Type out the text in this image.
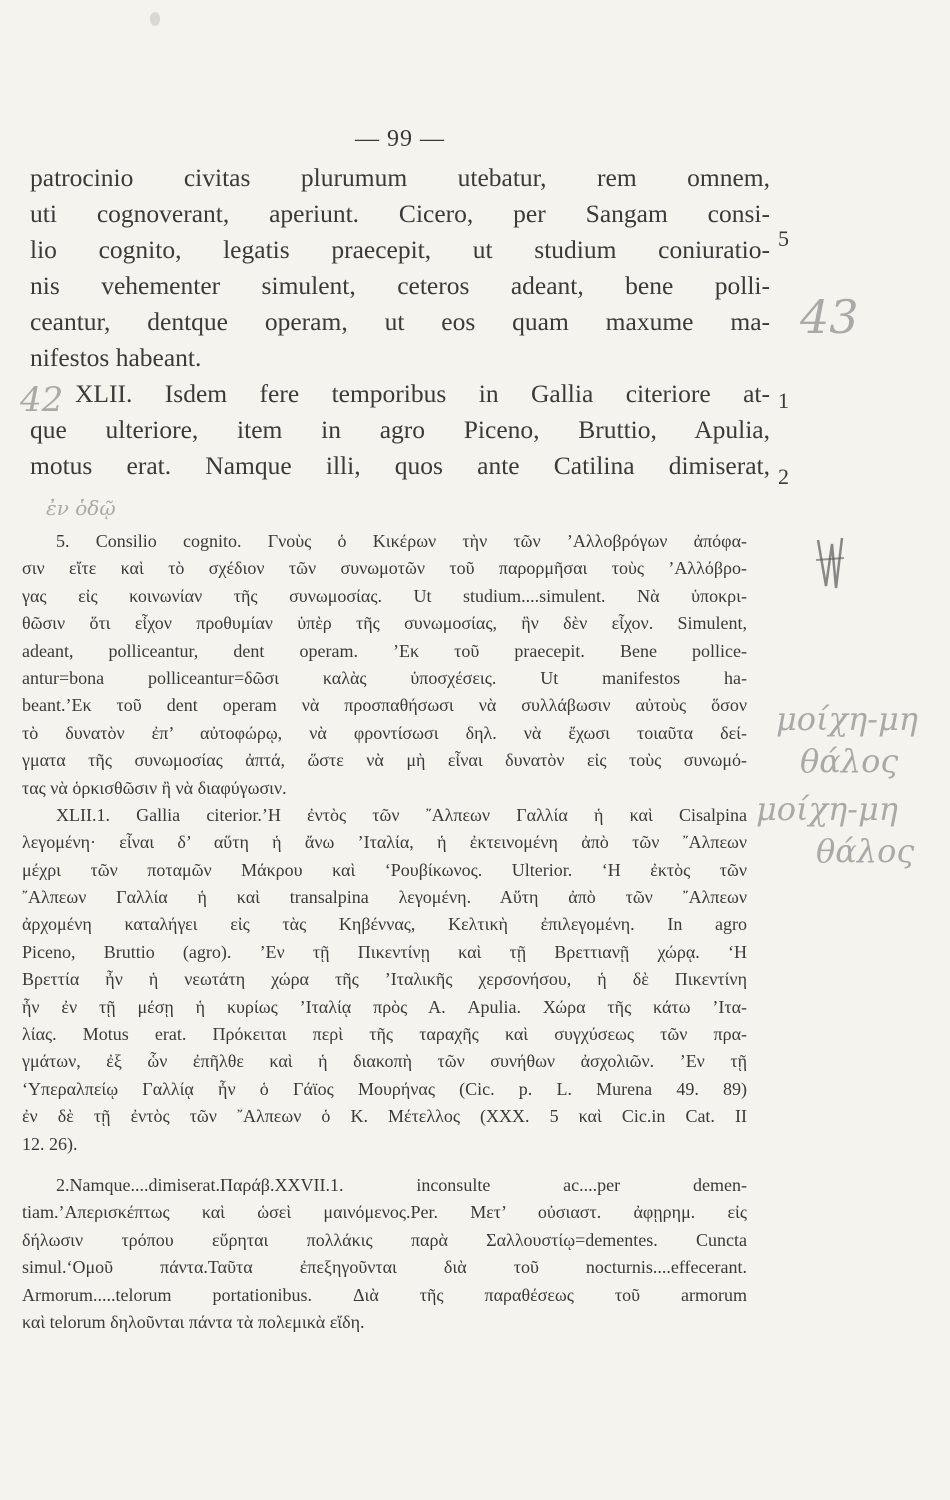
— 99 —
patrocinio civitas plurumum utebatur, rem omnem,
uti cognoverant, aperiunt. Cicero, per Sangam consi-
lio cognito, legatis praecepit, ut studium coniuratio-
nis vehementer simulent, ceteros adeant, bene polli-
ceantur, dentque operam, ut eos quam maxume ma-
nifestos habeant.
XLII. Isdem fere temporibus in Gallia citeriore at-
que ulteriore, item in agro Piceno, Bruttio, Apulia,
motus erat. Namque illi, quos ante Catilina dimiserat,
5
1
2
5. Consilio cognito. Γνοὺς ὁ Κικέρων τὴν τῶν ’Αλλοβρόγων ἀπόφα-
σιν εἴτε καὶ τὸ σχέδιον τῶν συνωμοτῶν τοῦ παρορμῆσαι τοὺς ’Αλλόβρο-
γας εἰς κοινωνίαν τῆς συνωμοσίας. Ut studium....simulent. Νὰ ὑποκρι-
θῶσιν ὅτι εἶχον προθυμίαν ὑπὲρ τῆς συνωμοσίας, ἣν δὲν εἶχον. Simulent,
adeant, polliceantur, dent operam. ’Εκ τοῦ praecepit. Bene pollice-
antur=bona polliceantur=δῶσι καλὰς ὑποσχέσεις. Ut manifestos ha-
beant.’Εκ τοῦ dent operam νὰ προσπαθήσωσι νὰ συλλάβωσιν αὐτοὺς ὅσον
τὸ δυνατὸν ἐπ’ αὐτοφώρῳ, νὰ φροντίσωσι δηλ. νὰ ἔχωσι τοιαῦτα δεί-
γματα τῆς συνωμοσίας ἀπτά, ὥστε νὰ μὴ εἶναι δυνατὸν εἰς τοὺς συνωμό-
τας νὰ ὁρκισθῶσιν ἢ νὰ διαφύγωσιν.
XLII.1. Gallia citerior.’Η ἐντὸς τῶν ῎Αλπεων Γαλλία ἡ καὶ Cisalpina
λεγομένη· εἶναι δ’ αὕτη ἡ ἄνω ’Ιταλία, ἡ ἐκτεινομένη ἀπὸ τῶν ῎Αλπεων
μέχρι τῶν ποταμῶν Μάκρου καὶ ‘Ρουβίκωνος. Ulterior. ‘Η ἐκτὸς τῶν
῎Αλπεων Γαλλία ἡ καὶ transalpina λεγομένη. Αὕτη ἀπὸ τῶν ῎Αλπεων
ἀρχομένη καταλήγει εἰς τὰς Κηβέννας, Κελτικὴ ἐπιλεγομένη. In agro
Piceno, Bruttio (agro). ’Εν τῇ Πικεντίνῃ καὶ τῇ Βρεττιανῇ χώρᾳ. ‘Η
Βρεττία ἦν ἡ νεωτάτη χώρα τῆς ’Ιταλικῆς χερσονήσου, ἡ δὲ Πικεντίνη
ἦν ἐν τῇ μέσῃ ἡ κυρίως ’Ιταλίᾳ πρὸς Α. Apulia. Χώρα τῆς κάτω ’Ιτα-
λίας. Motus erat. Πρόκειται περὶ τῆς ταραχῆς καὶ συγχύσεως τῶν πρα-
γμάτων, ἐξ ὧν ἐπῆλθε καὶ ἡ διακοπὴ τῶν συνήθων ἀσχολιῶν. ’Εν τῇ
‘Υπεραλπείῳ Γαλλίᾳ ἦν ὁ Γάϊος Μουρήνας (Cic. p. L. Murena 49. 89)
ἐν δὲ τῇ ἐντὸς τῶν ῎Αλπεων ὁ Κ. Μέτελλος (ΧΧΧ. 5 καὶ Cic.in Cat. II
12. 26).
2.Namque....dimiserat.Παράβ.XXVII.1. inconsulte ac....per demen-
tiam.’Απερισκέπτως καὶ ὡσεὶ μαινόμενος.Per. Μετ’ οὐσιαστ. ἀφῃρημ. εἰς
δήλωσιν τρόπου εὕρηται πολλάκις παρὰ Σαλλουστίῳ=dementes. Cuncta
simul.‘Ομοῦ πάντα.Ταῦτα ἐπεξηγοῦνται διὰ τοῦ nocturnis....effecerant.
Armorum.....telorum portationibus. Διὰ τῆς παραθέσεως τοῦ armorum
καὶ telorum δηλοῦνται πάντα τὰ πολεμικὰ εἴδη.
43
42
ἐν ὁδῷ
μοίχη-μη
θάλος
μοίχη-μη
θάλος
